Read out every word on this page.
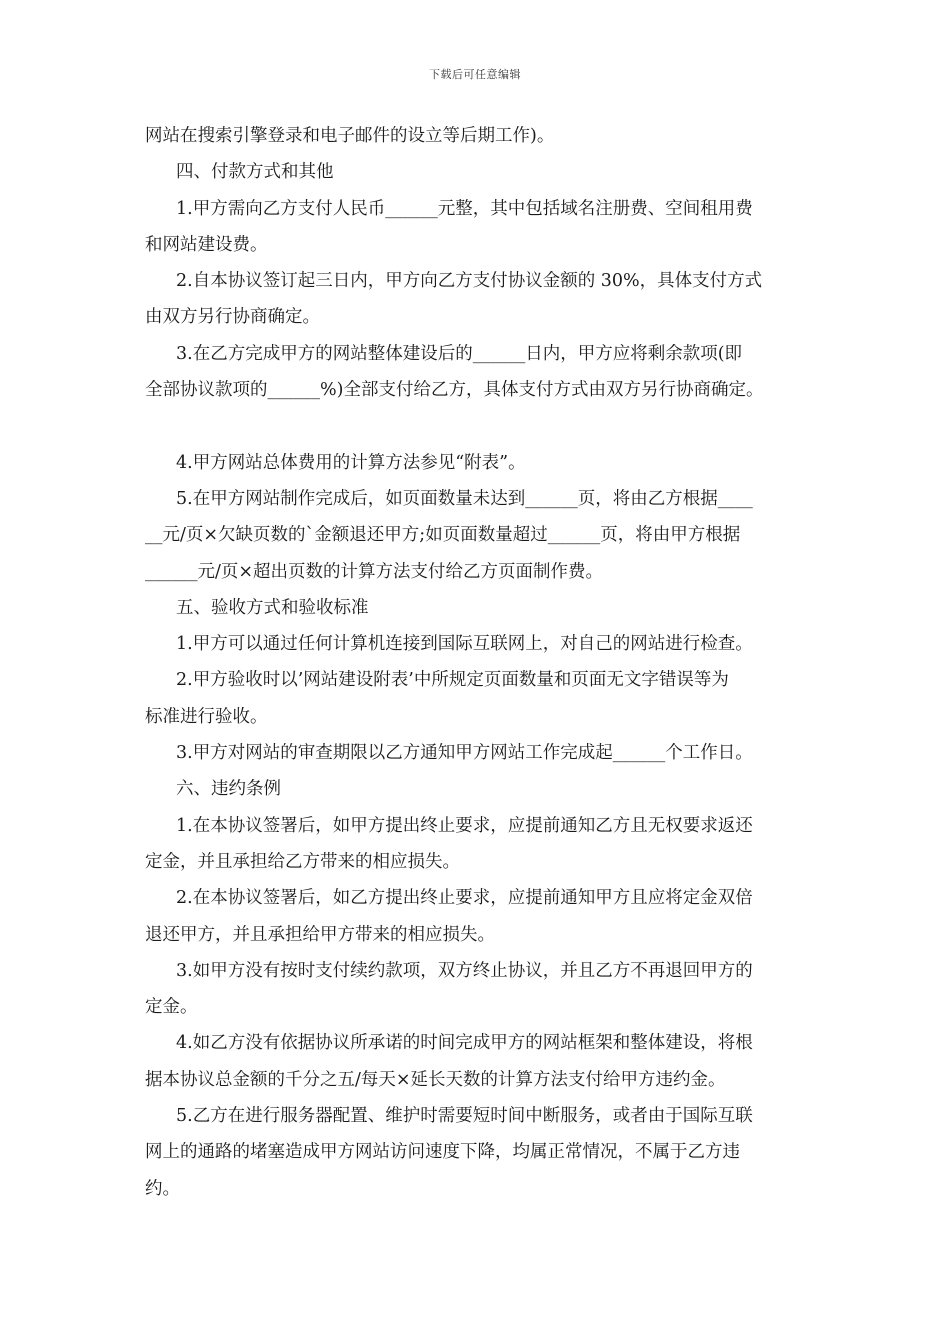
下载后可任意编辑
网站在搜索引擎登录和电子邮件的设立等后期工作)。
四、付款方式和其他
1.甲方需向乙方支付人民币______元整，其中包括域名注册费、空间租用费
和网站建设费。
2.自本协议签订起三日内，甲方向乙方支付协议金额的 30%，具体支付方式
由双方另行协商确定。
3.在乙方完成甲方的网站整体建设后的______日内，甲方应将剩余款项(即
全部协议款项的______%)全部支付给乙方，具体支付方式由双方另行协商确定。
4.甲方网站总体费用的计算方法参见“附表”。
5.在甲方网站制作完成后，如页面数量未达到______页，将由乙方根据____
__元/页×欠缺页数的`金额退还甲方;如页面数量超过______页，将由甲方根据
______元/页×超出页数的计算方法支付给乙方页面制作费。
五、验收方式和验收标准
1.甲方可以通过任何计算机连接到国际互联网上，对自己的网站进行检查。
2.甲方验收时以’网站建设附表’中所规定页面数量和页面无文字错误等为
标准进行验收。
3.甲方对网站的审查期限以乙方通知甲方网站工作完成起______个工作日。
六、违约条例
1.在本协议签署后，如甲方提出终止要求，应提前通知乙方且无权要求返还
定金，并且承担给乙方带来的相应损失。
2.在本协议签署后，如乙方提出终止要求，应提前通知甲方且应将定金双倍
退还甲方，并且承担给甲方带来的相应损失。
3.如甲方没有按时支付续约款项，双方终止协议，并且乙方不再退回甲方的
定金。
4.如乙方没有依据协议所承诺的时间完成甲方的网站框架和整体建设，将根
据本协议总金额的千分之五/每天×延长天数的计算方法支付给甲方违约金。
5.乙方在进行服务器配置、维护时需要短时间中断服务，或者由于国际互联
网上的通路的堵塞造成甲方网站访问速度下降，均属正常情况，不属于乙方违
约。
